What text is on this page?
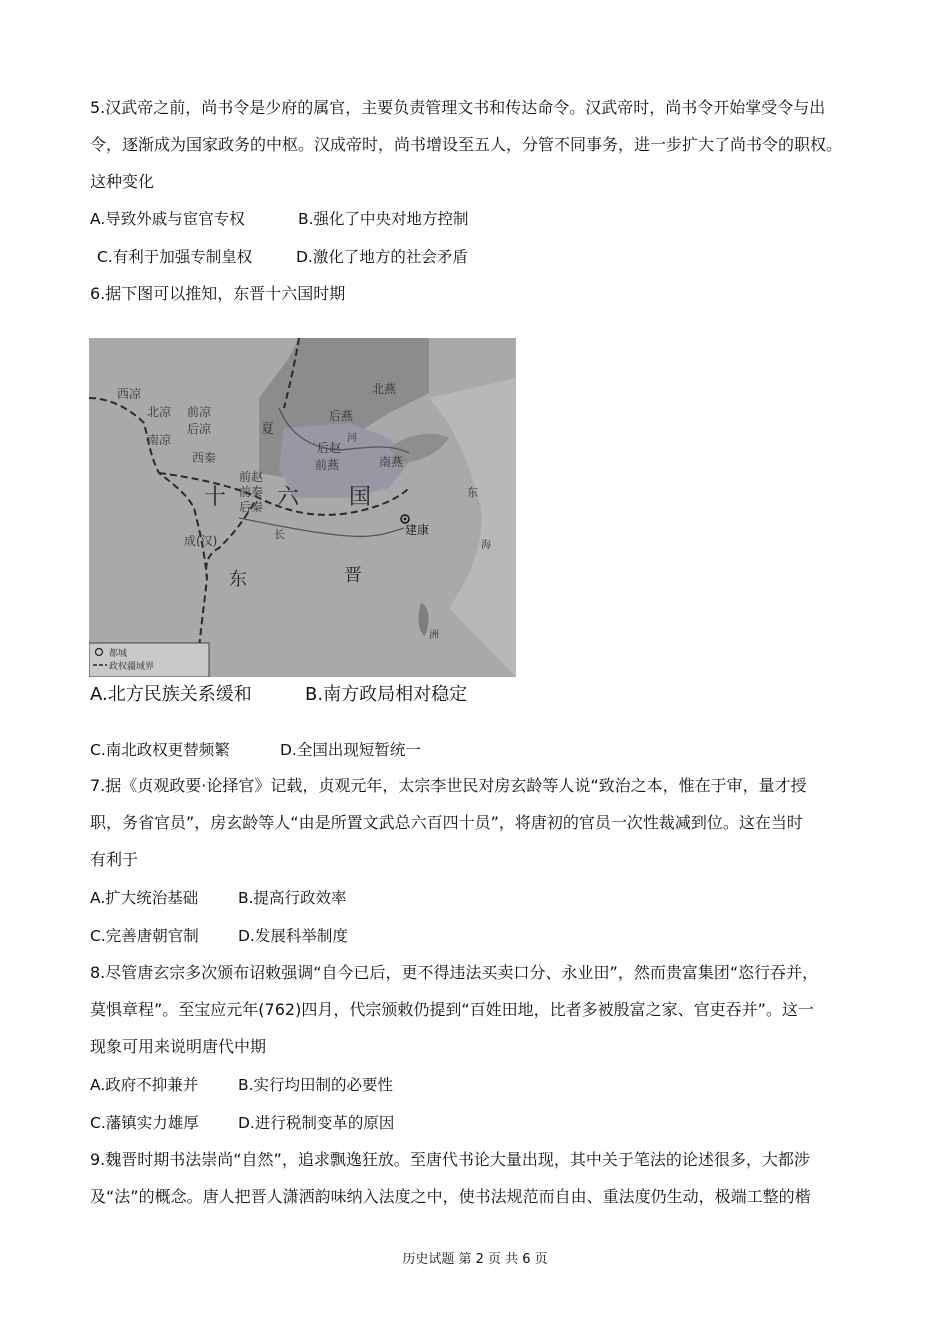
5.汉武帝之前，尚书令是少府的属官，主要负责管理文书和传达命令。汉武帝时，尚书令开始掌受令与出
令，逐渐成为国家政务的中枢。汉成帝时，尚书增设至五人，分管不同事务，进一步扩大了尚书令的职权。
这种变化
A.导致外戚与宦官专权	B.强化了中央对地方控制
C.有利于加强专制皇权	D.激化了地方的社会矛盾
6.据下图可以推知，东晋十六国时期
都城
政权疆域界
西凉
北凉 前凉
后凉
南凉
西秦
夏
北燕
后燕
后赵
前燕	南燕
前赵
前秦
后秦
十 六 国
建康
成(汉)	长
东	晋
洲
东
河
海
A.北方民族关系缓和	B.南方政局相对稳定
C.南北政权更替频繁	D.全国出现短暂统一
7.据《贞观政要·论择官》记载，贞观元年，太宗李世民对房玄龄等人说“致治之本，惟在于审，量才授
职，务省官员”，房玄龄等人“由是所置文武总六百四十员”，将唐初的官员一次性裁减到位。这在当时
有利于
A.扩大统治基础	B.提高行政效率
C.完善唐朝官制	D.发展科举制度
8.尽管唐玄宗多次颁布诏敕强调“自今已后，更不得违法买卖口分、永业田”，然而贵富集团“恣行吞并，
莫惧章程”。至宝应元年(762)四月，代宗颁敕仍提到“百姓田地，比者多被殷富之家、官吏吞并”。这一
现象可用来说明唐代中期
A.政府不抑兼并	B.实行均田制的必要性
C.藩镇实力雄厚	D.进行税制变革的原因
9.魏晋时期书法崇尚“自然”，追求飘逸狂放。至唐代书论大量出现，其中关于笔法的论述很多，大都涉
及“法”的概念。唐人把晋人潇洒韵味纳入法度之中，使书法规范而自由、重法度仍生动，极端工整的楷
历史试题 第 2 页 共 6 页
